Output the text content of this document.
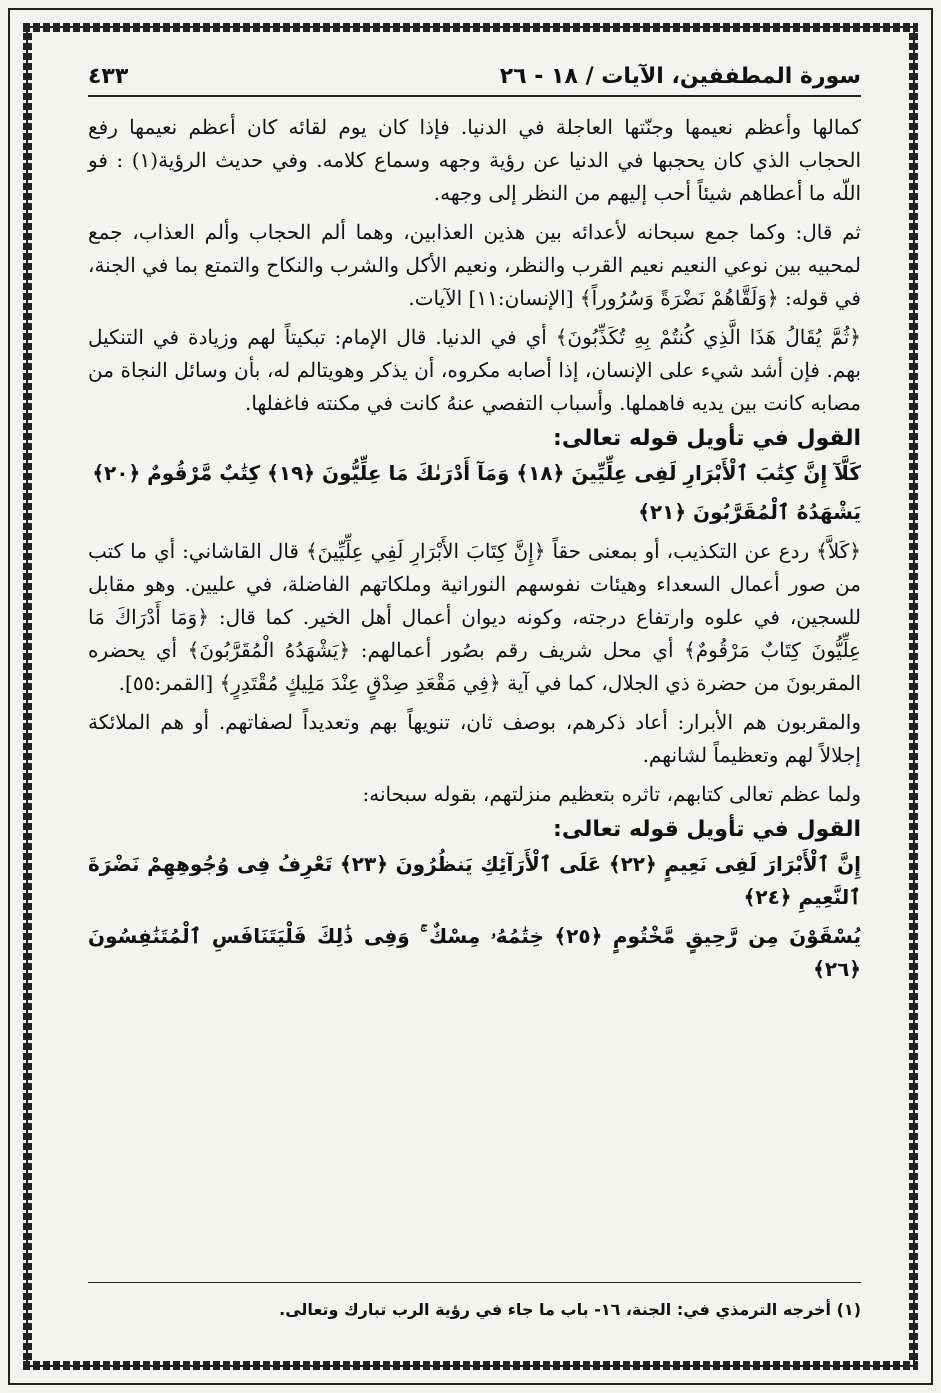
سورة المطففين، الآيات / ١٨ - ٢٦
٤٣٣

كمالها وأعظم نعيمها وجنّتها العاجلة في الدنيا. فإذا كان يوم لقائه كان أعظم نعيمها رفع الحجاب الذي كان يحجبها في الدنيا عن رؤية وجهه وسماع كلامه. وفي حديث الرؤية(١) : فو اللّه ما أعطاهم شيئاً أحب إليهم من النظر إلى وجهه.

ثم قال: وكما جمع سبحانه لأعدائه بين هذين العذابين، وهما ألم الحجاب وألم العذاب، جمع لمحبيه بين نوعي النعيم نعيم القرب والنظر، ونعيم الأكل والشرب والنكاح والتمتع بما في الجنة، في قوله: ﴿وَلَقَّاهُمْ نَضْرَةً وَسُرُوراً﴾ [الإنسان:١١] الآيات.

﴿ثُمَّ يُقَالُ هَذَا الَّذِي كُنتُمْ بِهِ تُكَذِّبُونَ﴾ أي في الدنيا. قال الإمام: تبكيتاً لهم وزيادة في التنكيل بهم. فإن أشد شيء على الإنسان، إذا أصابه مكروه، أن يذكر وهويتالم له، بأن وسائل النجاة من مصابه كانت بين يديه فاهملها. وأسباب التفصي عنهُ كانت في مكنته فاغفلها.

القول في تأويل قوله تعالى:

كَلَّآ إِنَّ كِتَٰبَ ٱلْأَبْرَارِ لَفِى عِلِّيِّينَ ﴿١٨﴾ وَمَآ أَدْرَىٰكَ مَا عِلِّيُّونَ ﴿١٩﴾ كِتَٰبٌ مَّرْقُومٌ ﴿٢٠﴾

يَشْهَدُهُ ٱلْمُقَرَّبُونَ ﴿٢١﴾

﴿كَلاَّ﴾ ردع عن التكذيب، أو بمعنى حقاً ﴿إِنَّ كِتَابَ الأَبْرَارِ لَفِي عِلِّيِّينَ﴾ قال القاشاني: أي ما كتب من صور أعمال السعداء وهيئات نفوسهم النورانية وملكاتهم الفاضلة، في عليين. وهو مقابل للسجين، في علوه وارتفاع درجته، وكونه ديوان أعمال أهل الخير. كما قال: ﴿وَمَا أَدْرَاكَ مَا عِلِّيُّونَ كِتَابٌ مَرْقُومٌ﴾ أي محل شريف رقم بصُور أعمالهم: ﴿يَشْهَدُهُ الْمُقَرَّبُونَ﴾ أي يحضره المقربونَ من حضرة ذي الجلال، كما في آية ﴿فِي مَقْعَدِ صِدْقٍ عِنْدَ مَلِيكٍ مُقْتَدِرٍ﴾ [القمر:٥٥].

والمقربون هم الأبرار: أعاد ذكرهم، بوصف ثان، تنويهاً بهم وتعديداً لصفاتهم. أو هم الملائكة إجلالاً لهم وتعظيماً لشانهم.

ولما عظم تعالى كتابهم، تاثره بتعظيم منزلتهم، بقوله سبحانه:

القول في تأويل قوله تعالى:

إِنَّ ٱلْأَبْرَارَ لَفِى نَعِيمٍ ﴿٢٢﴾ عَلَى ٱلْأَرَآئِكِ يَنظُرُونَ ﴿٢٣﴾ تَعْرِفُ فِى وُجُوهِهِمْ نَضْرَةَ ٱلنَّعِيمِ ﴿٢٤﴾

يُسْقَوْنَ مِن رَّحِيقٍ مَّخْتُومٍ ﴿٢٥﴾ خِتَٰمُهُۥ مِسْكٌ ۚ وَفِى ذَٰلِكَ فَلْيَتَنَافَسِ ٱلْمُتَنَٰفِسُونَ ﴿٢٦﴾

(١) أخرجه الترمذي في: الجنة، ١٦- باب ما جاء في رؤية الرب تبارك وتعالى.
